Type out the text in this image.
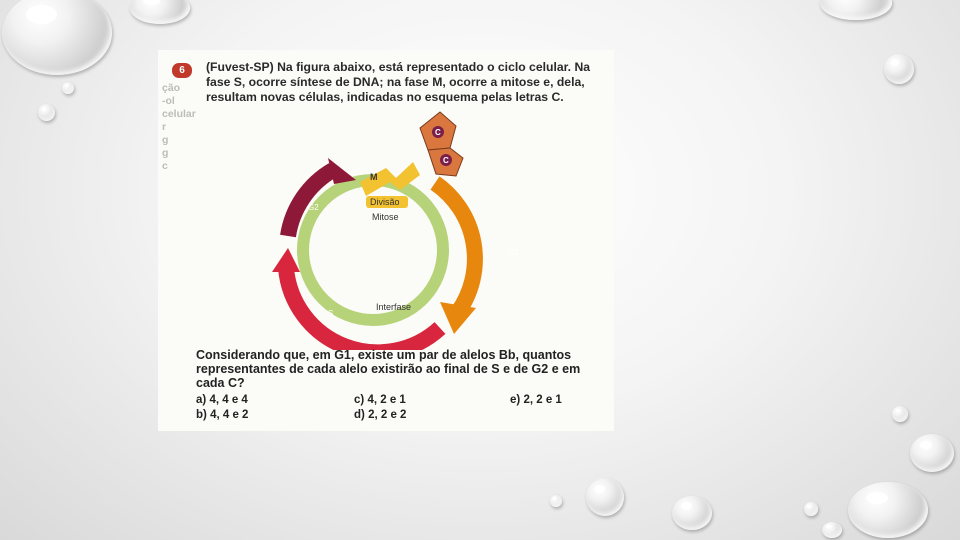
ção
-ol
celular
r
g
g
c
6	(Fuvest-SP) Na figura abaixo, está representado o ciclo celular. Na fase S, ocorre síntese de DNA; na fase M, ocorre a mitose e, dela, resultam novas células, indicadas no esquema pelas letras C.
C
C
M
G2
G1
S
Divisão
Mitose
Interfase
Considerando que, em G1, existe um par de alelos Bb, quantos representantes de cada alelo existirão ao final de S e de G2 e em cada C?
a) 4, 4 e 4
b) 4, 4 e 2
c) 4, 2 e 1
d) 2, 2 e 2
e) 2, 2 e 1
